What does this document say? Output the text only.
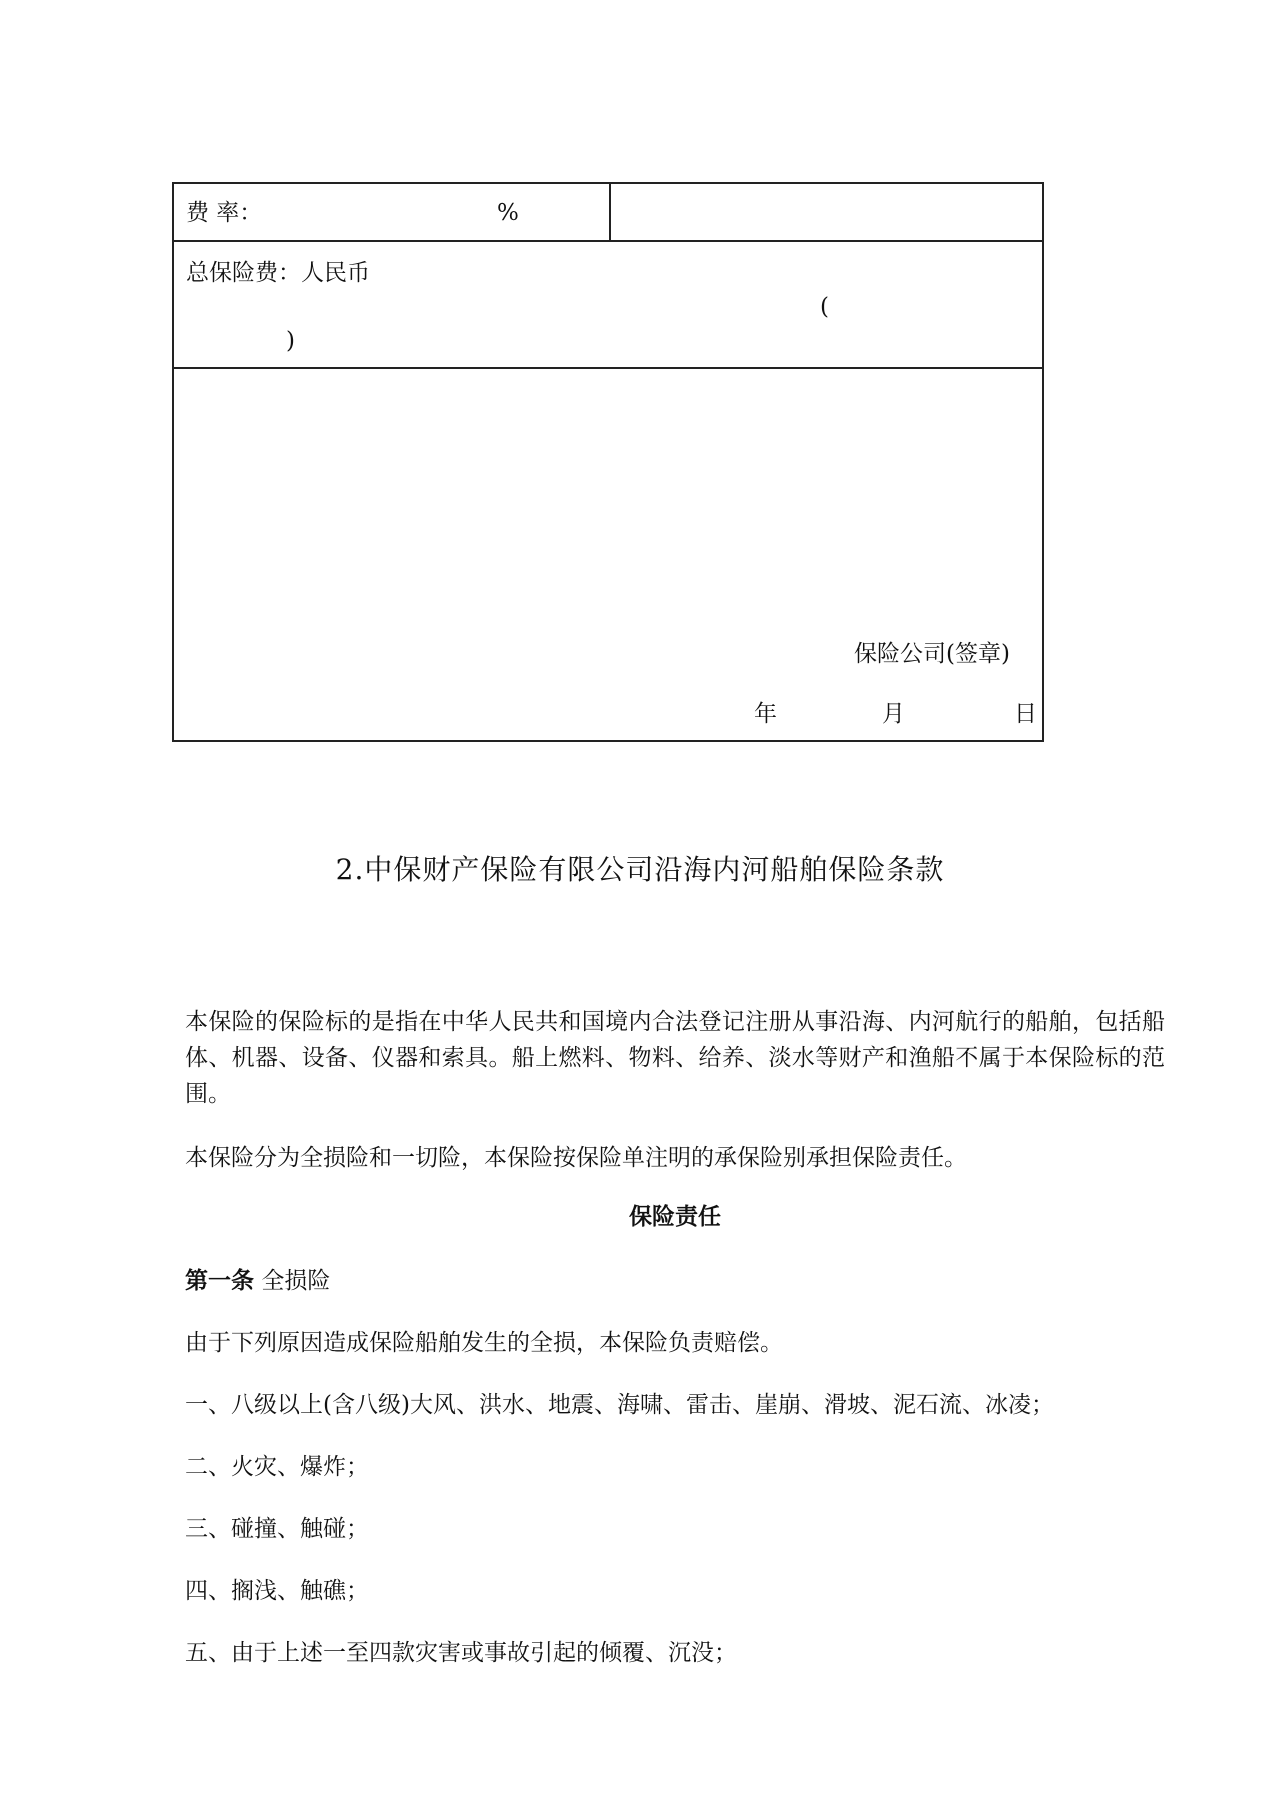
费 率：	%
总保险费：人民币
(
)
保险公司(签章)
年	月	日
2.中保财产保险有限公司沿海内河船舶保险条款
本保险的保险标的是指在中华人民共和国境内合法登记注册从事沿海、内河航行的船舶，包括船体、机器、设备、仪器和索具。船上燃料、物料、给养、淡水等财产和渔船不属于本保险标的范围。
本保险分为全损险和一切险，本保险按保险单注明的承保险别承担保险责任。
保险责任
第一条 全损险
由于下列原因造成保险船舶发生的全损，本保险负责赔偿。
一、八级以上(含八级)大风、洪水、地震、海啸、雷击、崖崩、滑坡、泥石流、冰凌；
二、火灾、爆炸；
三、碰撞、触碰；
四、搁浅、触礁；
五、由于上述一至四款灾害或事故引起的倾覆、沉没；
